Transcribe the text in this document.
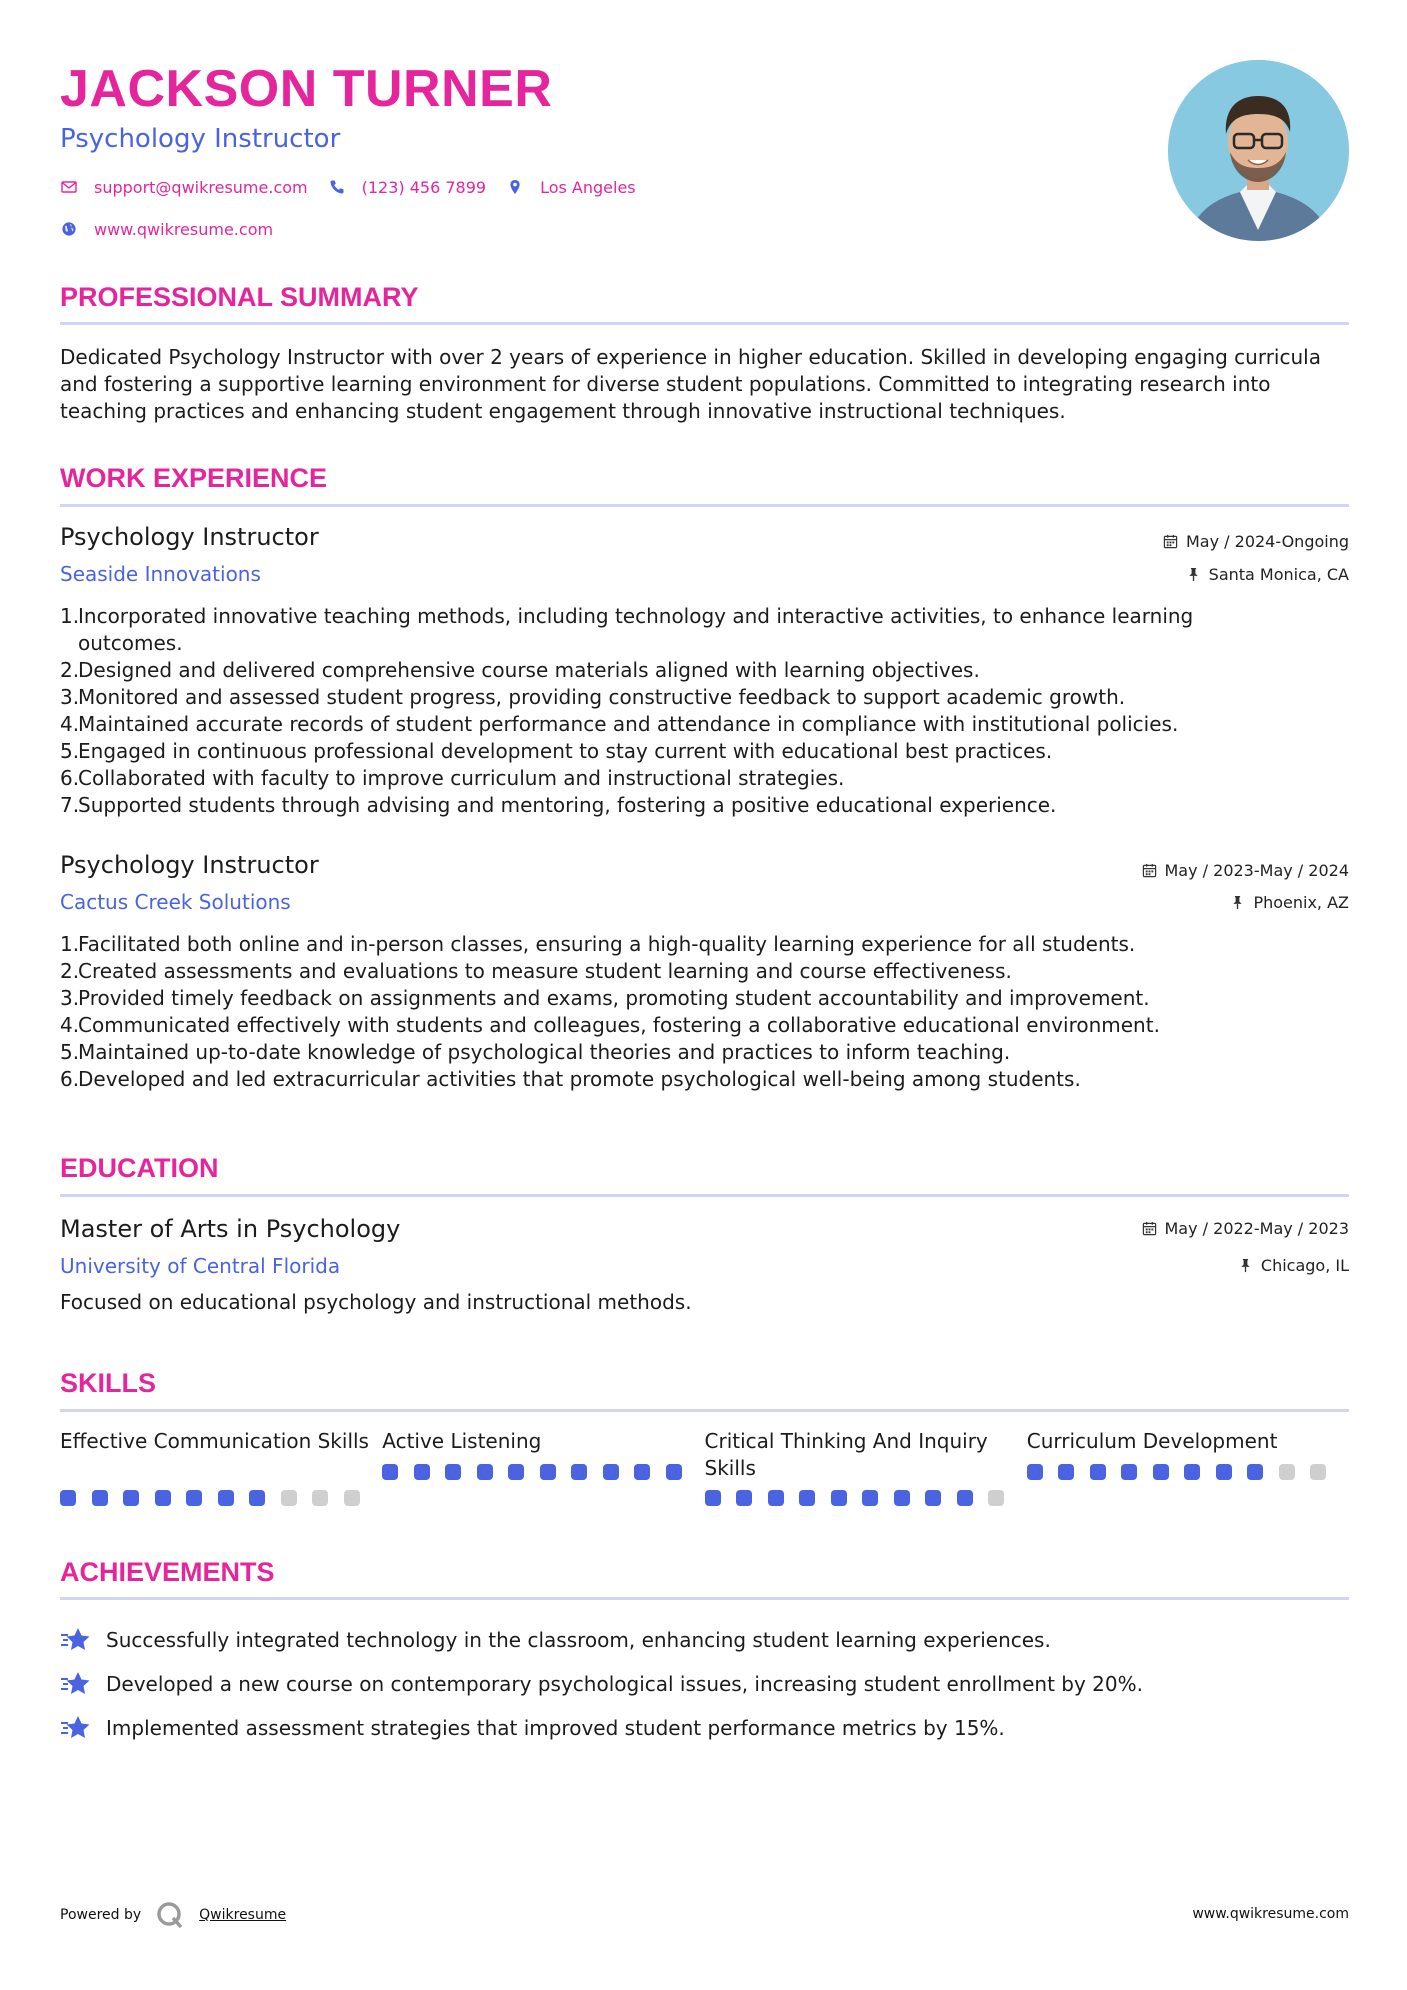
JACKSON TURNER
Psychology Instructor
support@qwikresume.com	(123) 456 7899	Los Angeles
www.qwikresume.com
PROFESSIONAL SUMMARY
Dedicated Psychology Instructor with over 2 years of experience in higher education. Skilled in developing engaging curricula and fostering a supportive learning environment for diverse student populations. Committed to integrating research into teaching practices and enhancing student engagement through innovative instructional techniques.
WORK EXPERIENCE
Psychology Instructor	May / 2024-Ongoing
Seaside Innovations	Santa Monica, CA
1.
Incorporated innovative teaching methods, including technology and interactive activities, to enhance learning outcomes.
2.
Designed and delivered comprehensive course materials aligned with learning objectives.
3.
Monitored and assessed student progress, providing constructive feedback to support academic growth.
4.
Maintained accurate records of student performance and attendance in compliance with institutional policies.
5.
Engaged in continuous professional development to stay current with educational best practices.
6.
Collaborated with faculty to improve curriculum and instructional strategies.
7.
Supported students through advising and mentoring, fostering a positive educational experience.
Psychology Instructor	May / 2023-May / 2024
Cactus Creek Solutions	Phoenix, AZ
1.
Facilitated both online and in-person classes, ensuring a high-quality learning experience for all students.
2.
Created assessments and evaluations to measure student learning and course effectiveness.
3.
Provided timely feedback on assignments and exams, promoting student accountability and improvement.
4.
Communicated effectively with students and colleagues, fostering a collaborative educational environment.
5.
Maintained up-to-date knowledge of psychological theories and practices to inform teaching.
6.
Developed and led extracurricular activities that promote psychological well-being among students.
EDUCATION
Master of Arts in Psychology	May / 2022-May / 2023
University of Central Florida	Chicago, IL
Focused on educational psychology and instructional methods.
SKILLS
Effective Communication Skills Active Listening	Critical Thinking And Inquiry Skills
Curriculum Development
ACHIEVEMENTS
Successfully integrated technology in the classroom, enhancing student learning experiences.
Developed a new course on contemporary psychological issues, increasing student enrollment by 20%.
Implemented assessment strategies that improved student performance metrics by 15%.
Powered by	Qwikresume	www.qwikresume.com
